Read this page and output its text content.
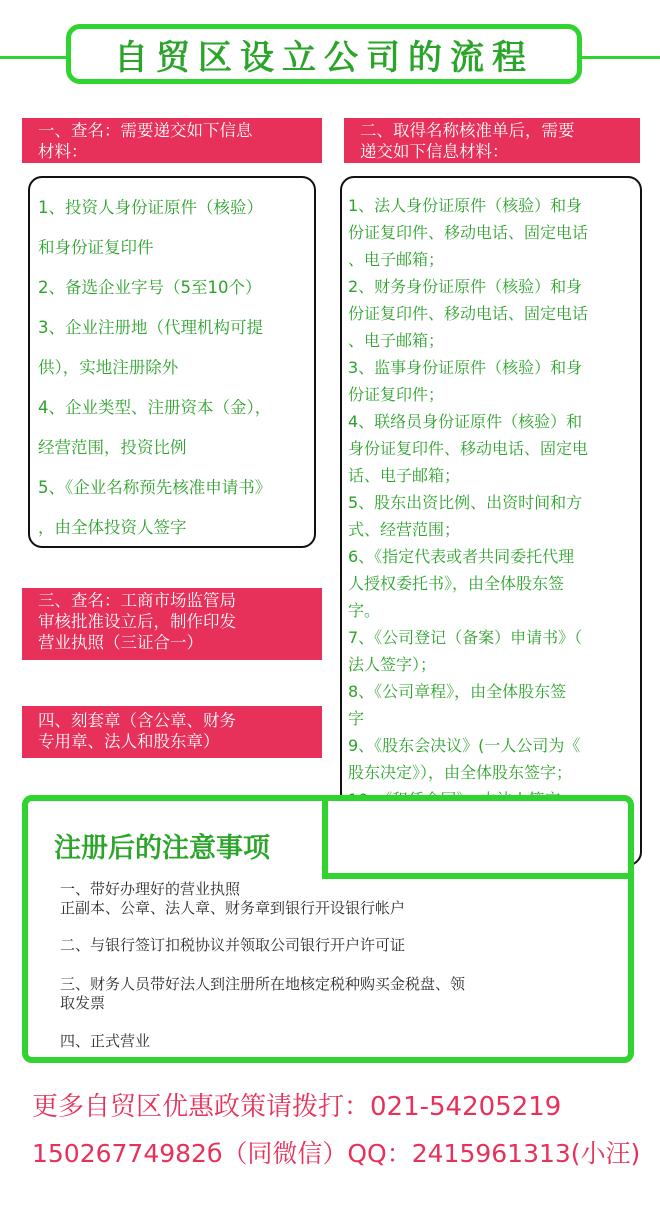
自贸区设立公司的流程
一、查名：需要递交如下信息
材料：
二、取得名称核准单后，需要
递交如下信息材料：
三、查名：工商市场监管局
审核批准设立后，制作印发
营业执照（三证合一）
四、刻套章（含公章、财务
专用章、法人和股东章）
1、投资人身份证原件（核验）
和身份证复印件
2、备选企业字号（5至10个）
3、企业注册地（代理机构可提
供），实地注册除外
4、企业类型、注册资本（金），
经营范围，投资比例
5、《企业名称预先核准申请书》
，由全体投资人签字
1、法人身份证原件（核验）和身
份证复印件、移动电话、固定电话
、电子邮箱；
2、财务身份证原件（核验）和身
份证复印件、移动电话、固定电话
、电子邮箱；
3、监事身份证原件（核验）和身
份证复印件；
4、联络员身份证原件（核验）和
身份证复印件、移动电话、固定电
话、电子邮箱；
5、股东出资比例、出资时间和方
式、经营范围；
6、《指定代表或者共同委托代理
人授权委托书》，由全体股东签
字。
7、《公司登记（备案）申请书》（
法人签字）；
8、《公司章程》，由全体股东签
字
9、《股东会决议》(一人公司为《
股东决定》），由全体股东签字；
注册后的注意事项
一、带好办理好的营业执照
正副本、公章、法人章、财务章到银行开设银行帐户
二、与银行签订扣税协议并领取公司银行开户许可证
三、财务人员带好法人到注册所在地核定税种购买金税盘、领
取发票
四、正式营业
更多自贸区优惠政策请拨打：021-54205219
15026774982б（同微信）QQ：2415961313(小汪)
